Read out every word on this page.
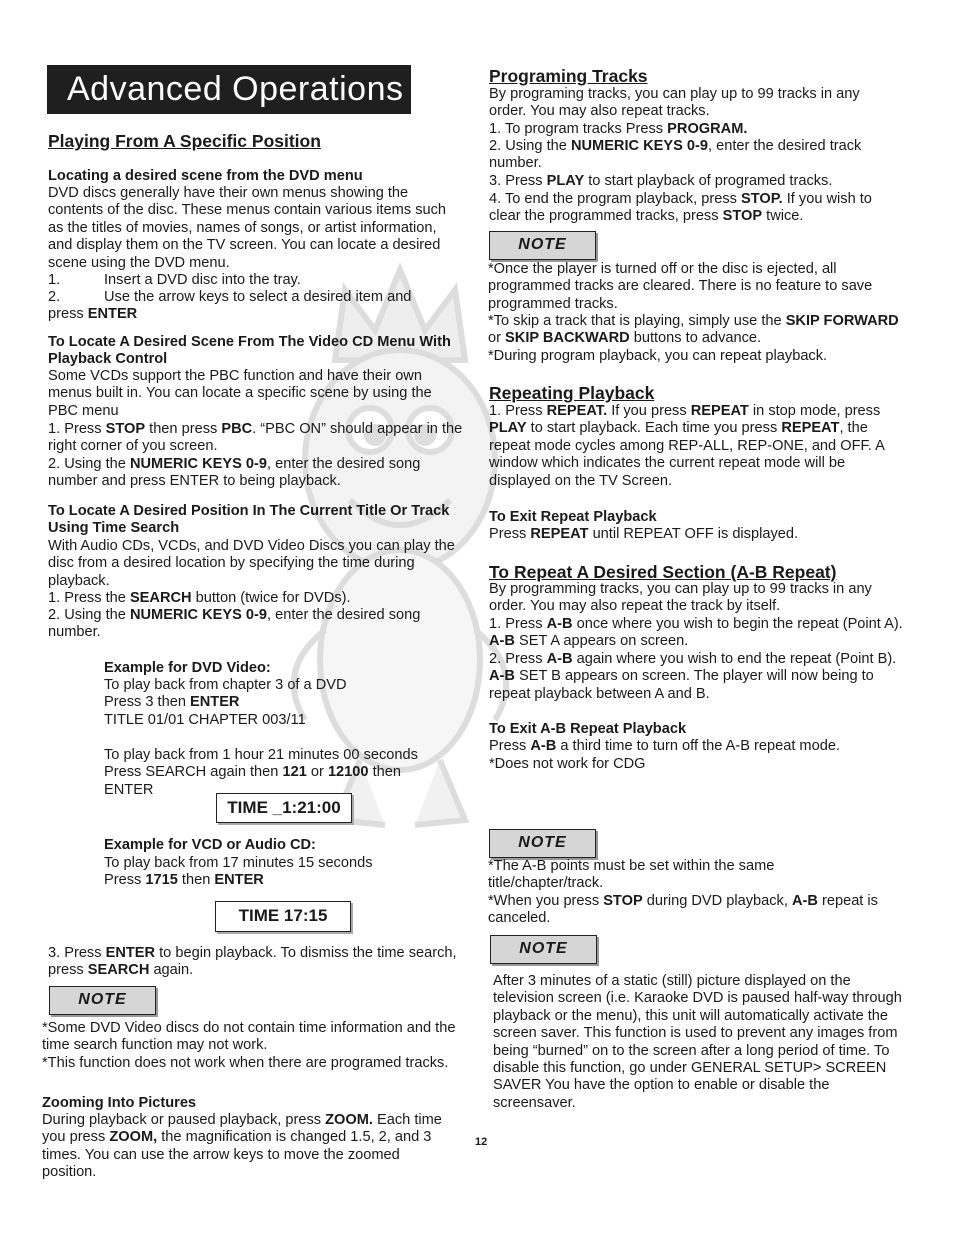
Advanced Operations
Playing From A Specific Position
Locating a desired scene from the DVD menu

DVD discs generally have their own menus showing the contents of the disc. These menus contain various items such as the titles of movies, names of songs, or artist information, and display them on the TV screen. You can locate a desired scene using the DVD menu.

1.	Insert a DVD disc into the tray.
2.	Use the arrow keys to select a desired item and press ENTER

To Locate A Desired Scene From The Video CD Menu With Playback Control

Some VCDs support the PBC function and have their own menus built in. You can locate a specific scene by using the PBC menu

1. Press STOP then press PBC. “PBC ON” should appear in the right corner of you screen.

2. Using the NUMERIC KEYS 0-9, enter the desired song number and press ENTER to being playback.

To Locate A Desired Position In The Current Title Or Track Using Time Search

With Audio CDs, VCDs, and DVD Video Discs you can play the disc from a desired location by specifying the time during playback.

1. Press the SEARCH button (twice for DVDs).

2. Using the NUMERIC KEYS 0-9, enter the desired song number.

Example for DVD Video:
To play back from chapter 3 of a DVD
Press 3 then ENTER
TITLE 01/01 CHAPTER 003/11
To play back from 1 hour 21 minutes 00 seconds
Press SEARCH again then 121 or 12100 then
ENTER
TIME _1:21:00
Example for VCD or Audio CD:
To play back from 17 minutes 15 seconds
Press 1715 then ENTER
TIME 17:15

3. Press ENTER to begin playback. To dismiss the time search, press SEARCH again.

NOTE

*Some DVD Video discs do not contain time information and the time search function may not work.

*This function does not work when there are programed tracks.

Zooming Into Pictures

During playback or paused playback, press ZOOM. Each time you press ZOOM, the magnification is changed 1.5, 2, and 3 times. You can use the arrow keys to move the zoomed position.

12
Programing Tracks

By programing tracks, you can play up to 99 tracks in any order. You may also repeat tracks.

1. To program tracks Press PROGRAM.

2. Using the NUMERIC KEYS 0-9, enter the desired track number.

3. Press PLAY to start playback of programed tracks.

4. To end the program playback, press STOP. If you wish to clear the programmed tracks, press STOP twice.

NOTE

*Once the player is turned off or the disc is ejected, all programmed tracks are cleared. There is no feature to save programmed tracks.

*To skip a track that is playing, simply use the SKIP FORWARD or SKIP BACKWARD buttons to advance.

*During program playback, you can repeat playback.

Repeating Playback

1. Press REPEAT. If you press REPEAT in stop mode, press PLAY to start playback. Each time you press REPEAT, the repeat mode cycles among REP-ALL, REP-ONE, and OFF. A window which indicates the current repeat mode will be displayed on the TV Screen.

To Exit Repeat Playback

Press REPEAT until REPEAT OFF is displayed.

To Repeat A Desired Section (A-B Repeat)

By programming tracks, you can play up to 99 tracks in any order. You may also repeat the track by itself.

1. Press A-B once where you wish to begin the repeat (Point A). A-B SET A appears on screen.

2. Press A-B again where you wish to end the repeat (Point B). A-B SET B appears on screen. The player will now being to repeat playback between A and B.

To Exit A-B Repeat Playback

Press A-B a third time to turn off the A-B repeat mode.

*Does not work for CDG

NOTE

*The A-B points must be set within the same title/chapter/track.

*When you press STOP during DVD playback, A-B repeat is canceled.

NOTE

After 3 minutes of a static (still) picture displayed on the television screen (i.e. Karaoke DVD is paused half-way through playback or the menu), this unit will automatically activate the screen saver. This function is used to prevent any images from being “burned” on to the screen after a long period of time. To disable this function, go under GENERAL SETUP> SCREEN SAVER You have the option to enable or disable the screensaver.
